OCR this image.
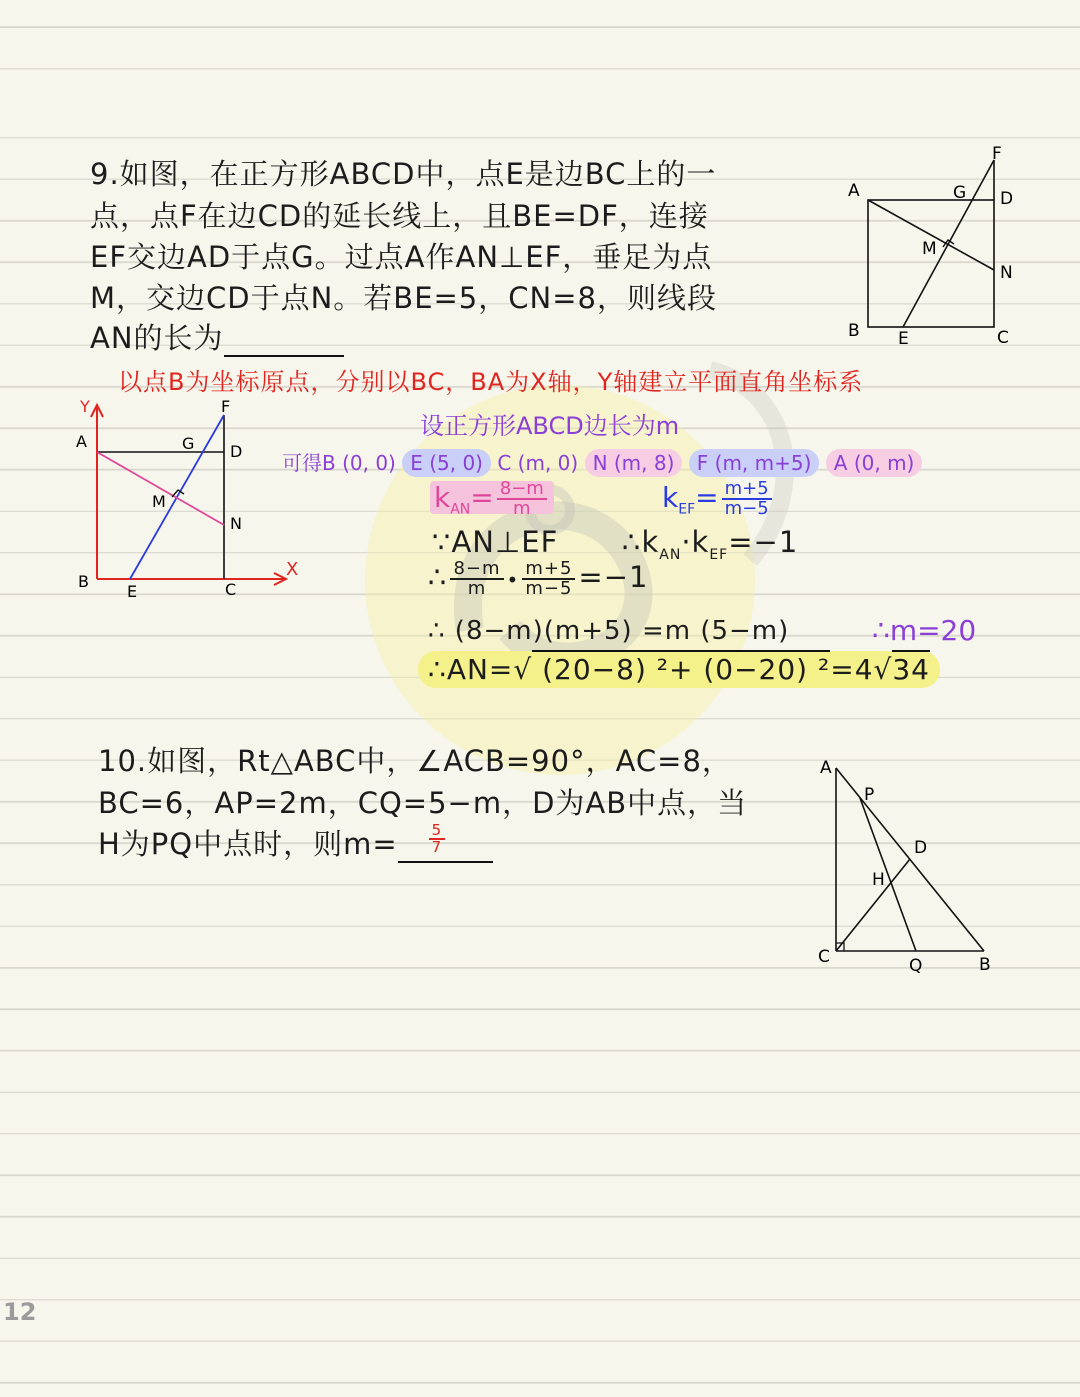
9.如图，在正方形ABCD中，点E是边BC上的一
点，点F在边CD的延长线上，且BE=DF，连接
EF交边AD于点G。过点A作AN⊥EF，垂足为点
M，交边CD于点N。若BE=5，CN=8，则线段
AN的长为
A
B	C
D
E
F
G
M
N
以点B为坐标原点，分别以BC，BA为X轴，Y轴建立平面直角坐标系
Y
X
A
B	C
D
E
F
G
M
N
设正方形ABCD边长为m
可得B (0, 0) E (5, 0) C (m, 0) N (m, 8) F (m, m+5) A (0, m)
$k_{AN}= \frac{8-m}{m}$	$k_{EF}= \frac{m+5}{m-5}$
∵AN⊥EF $\therefore k_{AN}\cdot k_{EF}=-1$
∴ $\frac{8-m}{m}$ • $\frac{m+5}{m-5} =-1$
∴ (8−m)(m+5) =m (5−m)	∴m=20
∴AN=√ (20−8) ²+ (0−20) ²=4√34
10.如图，Rt△ABC中，∠ACB=90°，AC=8，
BC=6，AP=2m，CQ=5−m，D为AB中点，当
H为PQ中点时，则$m= \frac{5}{7}$
A
P
D
H
C	Q	B
12
